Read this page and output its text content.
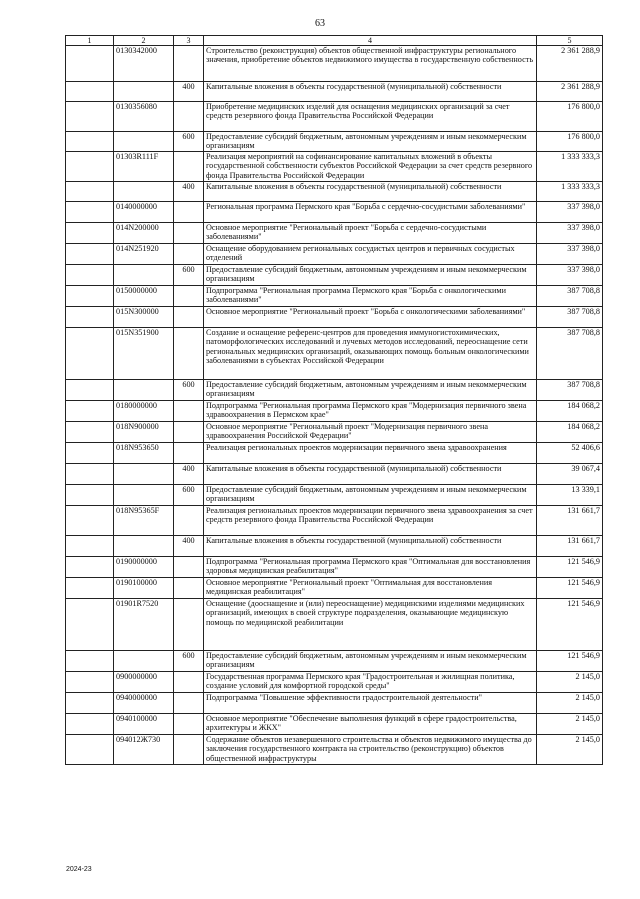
63
1	2	3	4	5
	0130342000		Строительство (реконструкция) объектов общественной инфраструктуры регионального значения, приобретение объектов недвижимого имущества в государственную собственность	2 361 288,9
		400	Капитальные вложения в объекты государственной (муниципальной) собственности	2 361 288,9
	0130356080		Приобретение медицинских изделий для оснащения медицинских организаций за счет средств резервного фонда Правительства Российской Федерации	176 800,0
		600	Предоставление субсидий бюджетным, автономным учреждениям и иным некоммерческим организациям	176 800,0
	01303R111F		Реализация мероприятий на софинансирование капитальных вложений в объекты государственной собственности субъектов Российской Федерации за счет средств резервного фонда Правительства Российской Федерации	1 333 333,3
		400	Капитальные вложения в объекты государственной (муниципальной) собственности	1 333 333,3
	0140000000		Региональная программа Пермского края "Борьба с сердечно-сосудистыми заболеваниями"	337 398,0
	014N200000		Основное мероприятие "Региональный проект "Борьба с сердечно-сосудистыми заболеваниями"	337 398,0
	014N251920		Оснащение оборудованием региональных сосудистых центров и первичных сосудистых отделений	337 398,0
		600	Предоставление субсидий бюджетным, автономным учреждениям и иным некоммерческим организациям	337 398,0
	0150000000		Подпрограмма "Региональная программа Пермского края "Борьба с онкологическими заболеваниями"	387 708,8
	015N300000		Основное мероприятие "Региональный проект "Борьба с онкологическими заболеваниями"	387 708,8
	015N351900		Создание и оснащение референс-центров для проведения иммуногистохимических, патоморфологических исследований и лучевых методов исследований, переоснащение сети региональных медицинских организаций, оказывающих помощь больным онкологическими заболеваниями в субъектах Российской Федерации	387 708,8
		600	Предоставление субсидий бюджетным, автономным учреждениям и иным некоммерческим организациям	387 708,8
	0180000000		Подпрограмма "Региональная программа Пермского края "Модернизация первичного звена здравоохранения в Пермском крае"	184 068,2
	018N900000		Основное мероприятие "Региональный проект "Модернизация первичного звена здравоохранения Российской Федерации"	184 068,2
	018N953650		Реализация региональных проектов модернизации первичного звена здравоохранения	52 406,6
		400	Капитальные вложения в объекты государственной (муниципальной) собственности	39 067,4
		600	Предоставление субсидий бюджетным, автономным учреждениям и иным некоммерческим организациям	13 339,1
	018N95365F		Реализация региональных проектов модернизации первичного звена здравоохранения за счет средств резервного фонда Правительства Российской Федерации	131 661,7
		400	Капитальные вложения в объекты государственной (муниципальной) собственности	131 661,7
	0190000000		Подпрограмма "Региональная программа Пермского края "Оптимальная для восстановления здоровья медицинская реабилитация"	121 546,9
	0190100000		Основное мероприятие "Региональный проект "Оптимальная для восстановления медицинская реабилитация"	121 546,9
	01901R7520		Оснащение (дооснащение и (или) переоснащение) медицинскими изделиями медицинских организаций, имеющих в своей структуре подразделения, оказывающие медицинскую помощь по медицинской реабилитации	121 546,9
		600	Предоставление субсидий бюджетным, автономным учреждениям и иным некоммерческим организациям	121 546,9
	0900000000		Государственная программа Пермского края "Градостроительная и жилищная политика, создание условий для комфортной городской среды"	2 145,0
	0940000000		Подпрограмма "Повышение эффективности градостроительной деятельности"	2 145,0
	0940100000		Основное мероприятие "Обеспечение выполнения функций в сфере градостроительства, архитектуры и ЖКХ"	2 145,0
	094012Ж730		Содержание объектов незавершенного строительства и объектов недвижимого имущества до заключения государственного контракта на строительство (реконструкцию) объектов общественной инфраструктуры	2 145,0
2024-23
